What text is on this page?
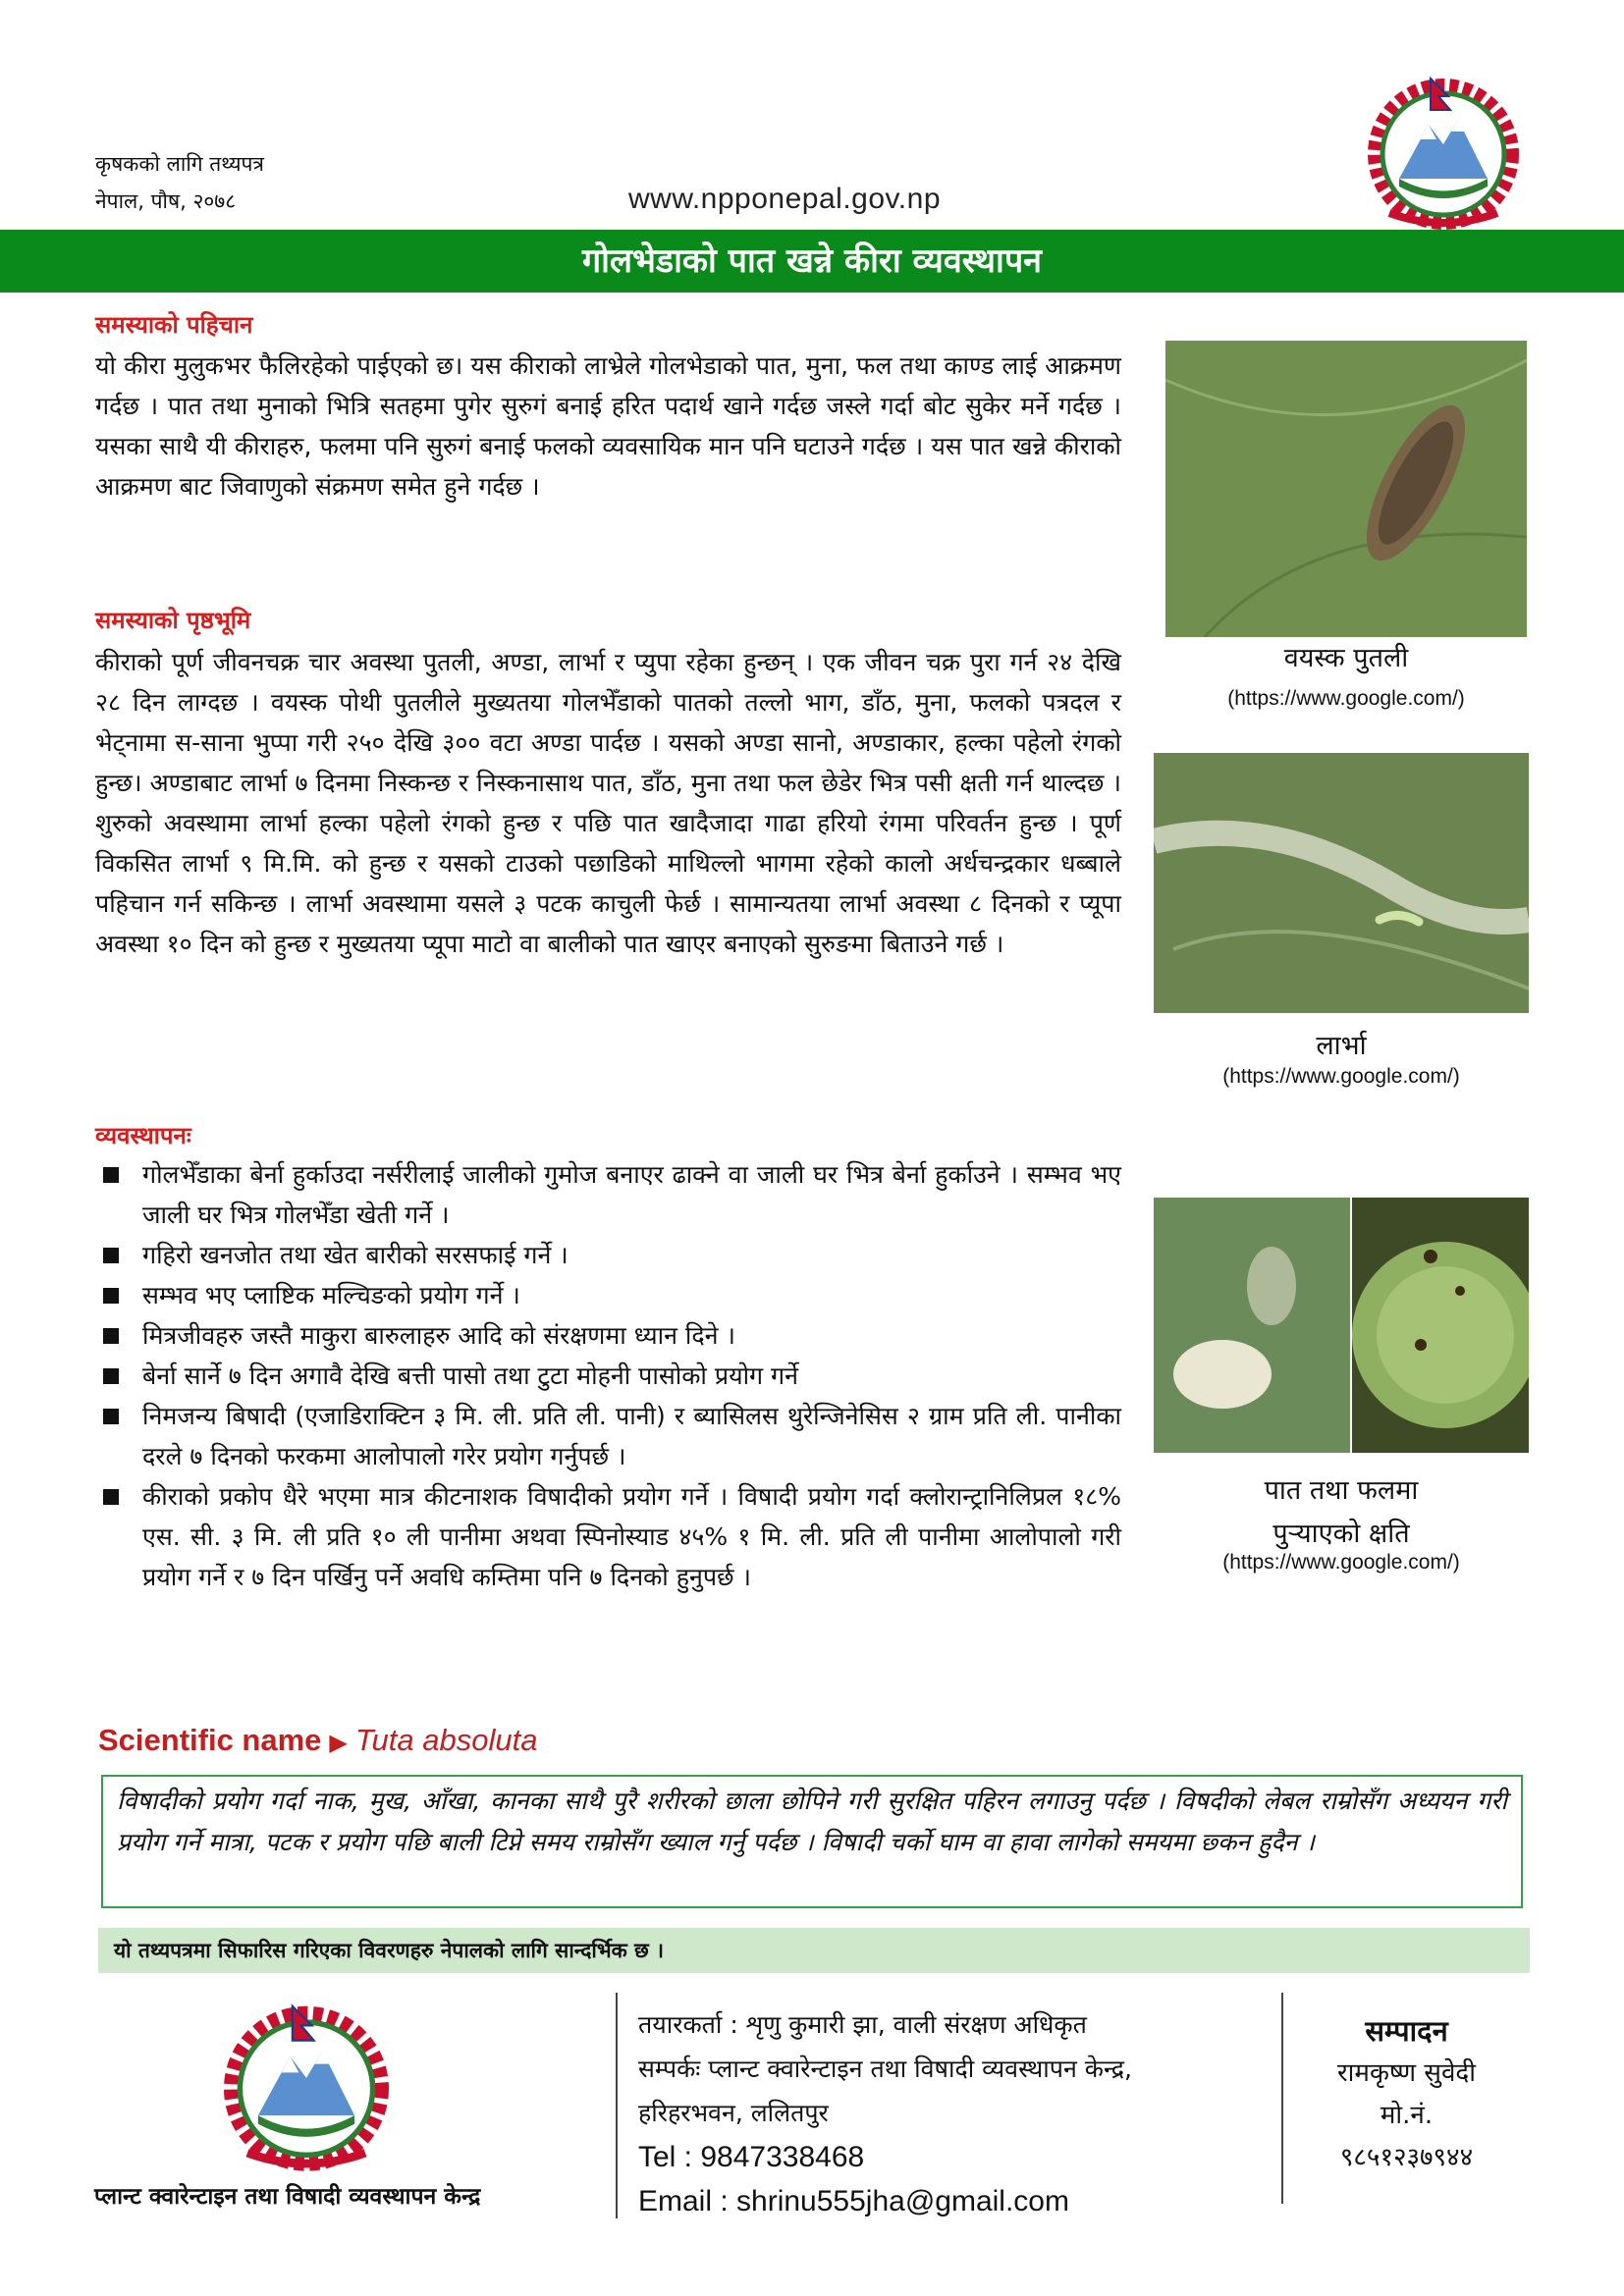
कृषकको लागि तथ्यपत्र
नेपाल, पौष, २०७८	www.npponepal.gov.np
गोलभेडाको पात खन्ने कीरा व्यवस्थापन
समस्याको पहिचान
यो कीरा मुलुकभर फैलिरहेको पाईएको छ। यस कीराको लाभ्रेले गोलभेडाको पात, मुना, फल तथा काण्ड लाई आक्रमण गर्दछ । पात तथा मुनाको भित्रि सतहमा पुगेर सुरुगं बनाई हरित पदार्थ खाने गर्दछ जस्ले गर्दा बोट सुकेर मर्ने गर्दछ । यसका साथै यी कीराहरु, फलमा पनि सुरुगं बनाई फलको व्यवसायिक मान पनि घटाउने गर्दछ । यस पात खन्ने कीराको आक्रमण बाट जिवाणुको संक्रमण समेत हुने गर्दछ ।
समस्याको पृष्ठभूमि
कीराको पूर्ण जीवनचक्र चार अवस्था पुतली, अण्डा, लार्भा र प्युपा रहेका हुन्छन् । एक जीवन चक्र पुरा गर्न २४ देखि २८ दिन लाग्दछ । वयस्क पोथी पुतलीले मुख्यतया गोलभेँडाको पातको तल्लो भाग, डाँठ, मुना, फलको पत्रदल र भेट्नामा स-साना भुप्पा गरी २५० देखि ३०० वटा अण्डा पार्दछ । यसको अण्डा सानो, अण्डाकार, हल्का पहेलो रंगको हुन्छ। अण्डाबाट लार्भा ७ दिनमा निस्कन्छ र निस्कनासाथ पात, डाँठ, मुना तथा फल छेडेर भित्र पसी क्षती गर्न थाल्दछ । शुरुको अवस्थामा लार्भा हल्का पहेलो रंगको हुन्छ र पछि पात खादैजादा गाढा हरियो रंगमा परिवर्तन हुन्छ । पूर्ण विकसित लार्भा ९ मि.मि. को हुन्छ र यसको टाउको पछाडिको माथिल्लो भागमा रहेको कालो अर्धचन्द्रकार धब्बाले पहिचान गर्न सकिन्छ । लार्भा अवस्थामा यसले ३ पटक काचुली फेर्छ । सामान्यतया लार्भा अवस्था ८ दिनको र प्यूपा अवस्था १० दिन को हुन्छ र मुख्यतया प्यूपा माटो वा बालीको पात खाएर बनाएको सुरुङमा बिताउने गर्छ ।
व्यवस्थापनः
गोलभेँडाका बेर्ना हुर्काउदा नर्सरीलाई जालीको गुमोज बनाएर ढाक्ने वा जाली घर भित्र बेर्ना हुर्काउने । सम्भव भए जाली घर भित्र गोलभेँडा खेती गर्ने ।
गहिरो खनजोत तथा खेत बारीको सरसफाई गर्ने ।
सम्भव भए प्लाष्टिक मल्चिङको प्रयोग गर्ने ।
मित्रजीवहरु जस्तै माकुरा बारुलाहरु आदि को संरक्षणमा ध्यान दिने ।
बेर्ना सार्ने ७ दिन अगावै देखि बत्ती पासो तथा टुटा मोहनी पासोको प्रयोग गर्ने
निमजन्य बिषादी (एजाडिराक्टिन ३ मि. ली. प्रति ली. पानी) र ब्यासिलस थुरेन्जिनेसिस २ ग्राम प्रति ली. पानीका दरले ७ दिनको फरकमा आलोपालो गरेर प्रयोग गर्नुपर्छ ।
कीराको प्रकोप धैरे भएमा मात्र कीटनाशक विषादीको प्रयोग गर्ने । विषादी प्रयोग गर्दा क्लोरान्ट्रानिलिप्रल १८% एस. सी. ३ मि. ली प्रति १० ली पानीमा अथवा स्पिनोस्याड ४५% १ मि. ली. प्रति ली पानीमा आलोपालो गरी प्रयोग गर्ने र ७ दिन पर्खिनु पर्ने अवधि कम्तिमा पनि ७ दिनको हुनुपर्छ ।
वयस्क पुतली
(https://www.google.com/)
लार्भा
(https://www.google.com/)
पात तथा फलमा
पुऱ्याएको क्षति
(https://www.google.com/)
Scientific name ▶ Tuta absoluta
विषादीको प्रयोग गर्दा नाक, मुख, आँखा, कानका साथै पुरै शरीरको छाला छोपिने गरी सुरक्षित पहिरन लगाउनु पर्दछ । विषदीको लेबल राम्रोसँग अध्ययन गरी प्रयोग गर्ने मात्रा, पटक र प्रयोग पछि बाली टिप्ने समय राम्रोसँग ख्याल गर्नु पर्दछ । विषादी चर्को घाम वा हावा लागेको समयमा छ्कन हुदैन ।
यो तथ्यपत्रमा सिफारिस गरिएका विवरणहरु नेपालको लागि सान्दर्भिक छ ।
प्लान्ट क्वारेन्टाइन तथा विषादी व्यवस्थापन केन्द्र
तयारकर्ता : शृणु कुमारी झा, वाली संरक्षण अधिकृत
सम्पर्कः प्लान्ट क्वारेन्टाइन तथा विषादी व्यवस्थापन केन्द्र,
हरिहरभवन, ललितपुर
Tel : 9847338468
Email : shrinu555jha@gmail.com
सम्पादन
रामकृष्ण सुवेदी
मो.नं.
९८५१२३७९४४
